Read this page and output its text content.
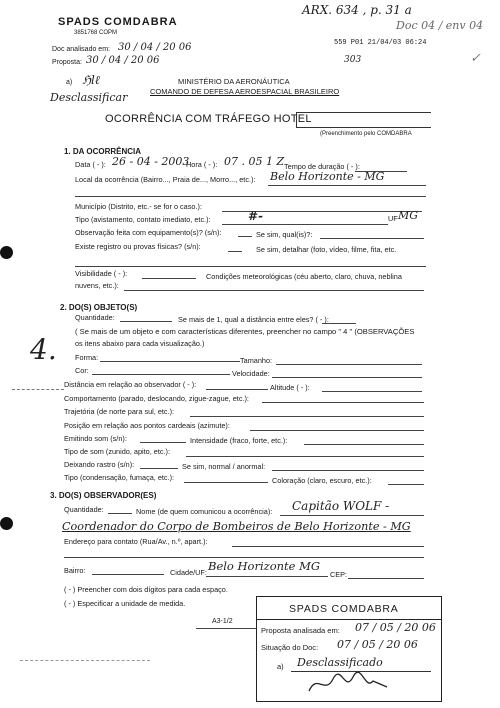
ARX. 634 , p. 31 a
Doc 04 / env 04
559 P01 21/04/03 06:24
303	✓
SPADS COMDABRA
3851768 COPM
Doc analisado em: 30 / 04 / 20 06
Proposta: 30 / 04 / 20 06
a) ℌlℓ
Desclassificar
MINISTÉRIO DA AERONÁUTICA
COMANDO DE DEFESA AEROESPACIAL BRASILEIRO
OCORRÊNCIA COM TRÁFEGO HOTEL
(Preenchimento pelo COMDABRA
1. DA OCORRÊNCIA
Data ( - ): 26 - 04 - 2003
Hora ( - ): 07 . 05 1 Z Tempo de duração ( - ):
Local da ocorrência (Bairro..., Praia de..., Morro..., etc.): Belo Horizonte - MG
Município (Distrito, etc.- se for o caso.):
Tipo (avistamento, contato imediato, etc.):	#-	UF MG
Observação feita com equipamento(s)? (s/n):	Se sim, qual(is)?:
Existe registro ou provas físicas? (s/n):	Se sim, detalhar (foto, vídeo, filme, fita, etc.
Visibilidade ( - ):	Condições meteorológicas (céu aberto, claro, chuva, neblina
nuvens, etc.):
2. DO(S) OBJETO(S)
Quantidade:	Se mais de 1, qual a distância entre eles? ( - ):
( Se mais de um objeto e com características diferentes, preencher no campo " 4 " (OBSERVAÇÕES
os itens abaixo para cada visualização.)
4.	Forma:	Tamanho:
Cor:	Velocidade:
Distância em relação ao observador ( - ):	Altitude ( - ):
Comportamento (parado, deslocando, zigue-zague, etc.):
Trajetória (de norte para sul, etc.):
Posição em relação aos pontos cardeais (azimute):
Emitindo som (s/n):	Intensidade (fraco, forte, etc.):
Tipo de som (zunido, apito, etc.):
Deixando rastro (s/n):	Se sim, normal / anormal:
Tipo (condensação, fumaça, etc.):	Coloração (claro, escuro, etc.):
3. DO(S) OBSERVADOR(ES)
Quantidade:	Nome (de quem comunicou a ocorrência): Capitão WOLF -
Coordenador do Corpo de Bombeiros de Belo Horizonte - MG
Endereço para contato (Rua/Av., n.º, apart.):
Bairro:	Cidade/UF: Belo Horizonte MG
CEP:
( - ) Preencher com dois dígitos para cada espaço.
( - ) Especificar a unidade de medida.
A3-1/2
SPADS COMDABRA
Proposta analisada em: 07 / 05 / 20 06
Situação do Doc: 07 / 05 / 20 06
a) Desclassificado
